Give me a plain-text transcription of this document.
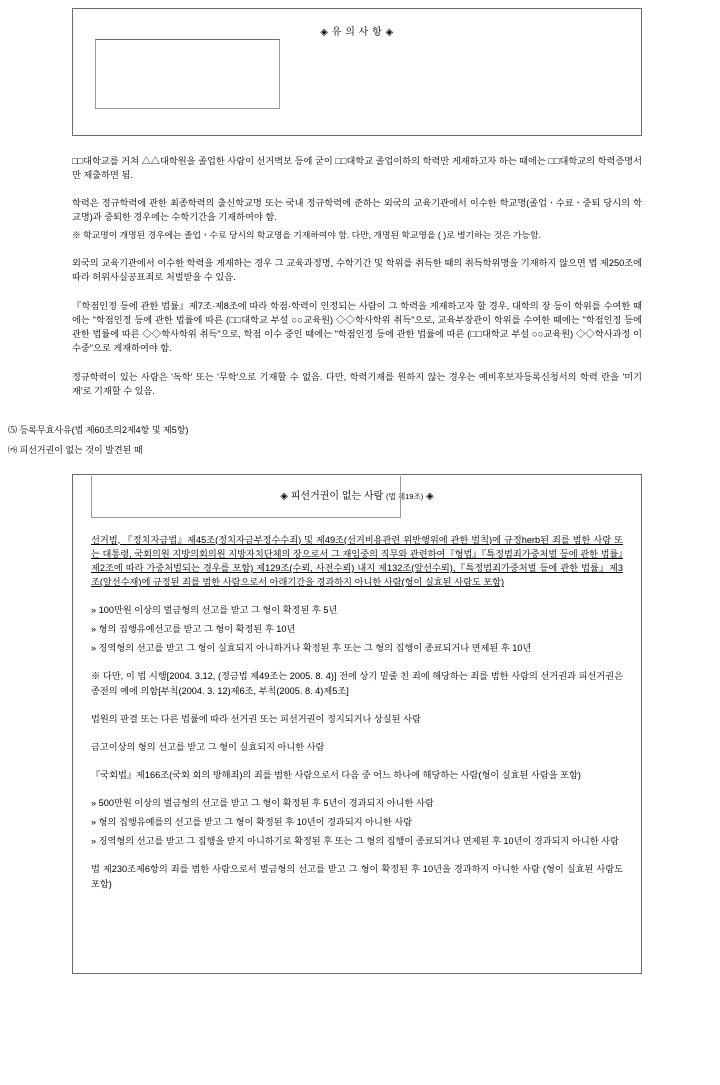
◈ 유 의 사 항 ◈

□□대학교를 거쳐 △△대학원을 졸업한 사람이 선거벽보 등에 굳이 □□대학교 졸업이하의 학력만 게재하고자 하는 때에는 □□대학교의 학력증명서만 제출하면 됨.

학력은 정규학력에 관한 최종학력의 출신학교명 또는 국내 정규학력에 준하는 외국의 교육기관에서 이수한 학교명(졸업ㆍ수료ㆍ중퇴 당시의 학교명)과 중퇴한 경우에는 수학기간을 기재하여야 함.

※ 학교명이 개명된 경우에는 졸업ㆍ수료 당시의 학교명을 기재하여야 함. 다만, 개명된 학교명을 ( )로 병기하는 것은 가능함.

외국의 교육기관에서 이수한 학력을 게재하는 경우 그 교육과정명, 수학기간 및 학위를 취득한 때의 취득학위명을 기재하지 않으면 법 제250조에 따라 허위사실공표죄로 처벌받을 수 있음.

『학점인정 등에 관한 법률』제7조·제8조에 따라 학점·학력이 인정되는 사람이 그 학력을 게재하고자 할 경우, 대학의 장 등이 학위를 수여한 때에는 "학점인정 등에 관한 법률에 따른 (□□대학교 부설 ○○교육원) ◇◇학사학위 취득"으로, 교육부장관이 학위를 수여한 때에는 "학점인정 등에 관한 법률에 따른 ◇◇학사학위 취득"으로, 학점 이수 중인 때에는 "학점인정 등에 관한 법률에 따른 (□□대학교 부설 ○○교육원) ◇◇학사과정 이수중"으로 게재하여야 함.

정규학력이 있는 사람은 '독학' 또는 '무학'으로 기재할 수 없음. 다만, 학력기재를 원하지 않는 경우는 예비후보자등록신청서의 학력 란을 '미기재'로 기재할 수 있음.

⑸ 등록무효사유(법 제60조의2제4항 및 제5항)
㈎ 피선거권이 없는 것이 발견된 때
◈ 피선거권이 없는 사람 (법 제19조) ◈

선거범, 『정치자금법』제45조(정치자금부정수수죄) 및 제49조(선거비용관련 위반행위에 관한 벌칙)에 규정herb된 죄를 범한 사람 또는 대통령, 국회의원 지방의회의원 지방자치단체의 장으로서 그 재임중의 직무와 관련하여『형법』『특정범죄가중처벌 등에 관한 법률』제2조에 따라 가중처벌되는 경우를 포함) 제129조(수뢰, 사전수뢰) 내지 제132조(알선수뢰),『특정범죄가중처벌 등에 관한 법률』제3조(알선수재)에 규정된 죄를 범한 사람으로서 아래기간을 경과하지 아니한 사람(형이 실효된 사람도 포함)

» 100만원 이상의 벌금형의 선고를 받고 그 형이 확정된 후 5년

» 형의 집행유예선고를 받고 그 형이 확정된 후 10년

» 징역형의 선고를 받고 그 형이 실효되지 아니하거나 확정된 후 또는 그 형의 집행이 종료되거나 면제된 후 10년

※ 다만, 이 법 시행[2004. 3.12, (정금법 제49조는 2005. 8. 4)] 전에 상기 밑줄 친 죄에 해당하는 죄를 범한 사람의 선거권과 피선거권은 종전의 예에 의함[부칙(2004. 3. 12)제6조, 부칙(2005. 8. 4)제5조]

법원의 판결 또는 다른 법률에 따라 선거권 또는 피선거권이 정지되거나 상실된 사람

금고이상의 형의 선고를 받고 그 형이 실효되지 아니한 사람

『국회법』제166조(국회 회의 방해죄)의 죄를 범한 사람으로서 다음 중 어느 하나에 해당하는 사람(형이 실효된 사람을 포함)

» 500만원 이상의 벌금형의 선고를 받고 그 형이 확정된 후 5년이 경과되지 아니한 사람

» 형의 집행유예를의 선고를 받고 그 형이 확정된 후 10년이 경과되지 아니한 사람

» 징역형의 선고를 받고 그 집행을 받지 아니하기로 확정된 후 또는 그 형의 집행이 종료되거나 면제된 후 10년이 경과되지 아니한 사람

법 제230조제6항의 죄를 범한 사람으로서 벌금형의 선고를 받고 그 형이 확정된 후 10년을 경과하지 아니한 사람 (형이 실효된 사람도 포함)
